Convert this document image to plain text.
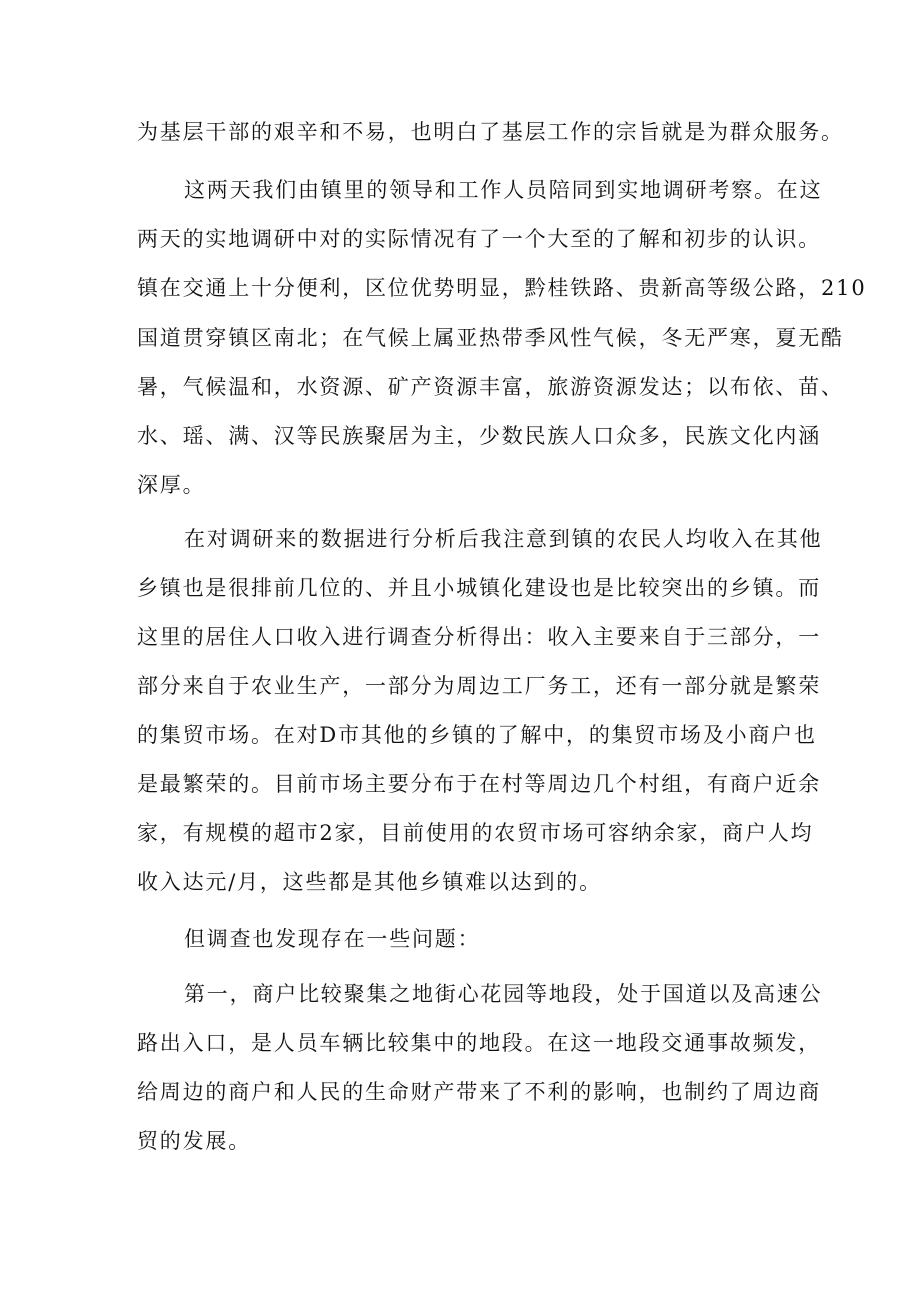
为基层干部的艰辛和不易，也明白了基层工作的宗旨就是为群众服务。
这两天我们由镇里的领导和工作人员陪同到实地调研考察。在这
两天的实地调研中对的实际情况有了一个大至的了解和初步的认识。
镇在交通上十分便利，区位优势明显，黔桂铁路、贵新高等级公路，210
国道贯穿镇区南北；在气候上属亚热带季风性气候，冬无严寒，夏无酷
暑，气候温和，水资源、矿产资源丰富，旅游资源发达；以布依、苗、
水、瑶、满、汉等民族聚居为主，少数民族人口众多，民族文化内涵
深厚。
在对调研来的数据进行分析后我注意到镇的农民人均收入在其他
乡镇也是很排前几位的、并且小城镇化建设也是比较突出的乡镇。而
这里的居住人口收入进行调查分析得出：收入主要来自于三部分，一
部分来自于农业生产，一部分为周边工厂务工，还有一部分就是繁荣
的集贸市场。在对D市其他的乡镇的了解中，的集贸市场及小商户也
是最繁荣的。目前市场主要分布于在村等周边几个村组，有商户近余
家，有规模的超市2家，目前使用的农贸市场可容纳余家，商户人均
收入达元/月，这些都是其他乡镇难以达到的。
但调查也发现存在一些问题：
第一，商户比较聚集之地街心花园等地段，处于国道以及高速公
路出入口，是人员车辆比较集中的地段。在这一地段交通事故频发，
给周边的商户和人民的生命财产带来了不利的影响，也制约了周边商
贸的发展。
